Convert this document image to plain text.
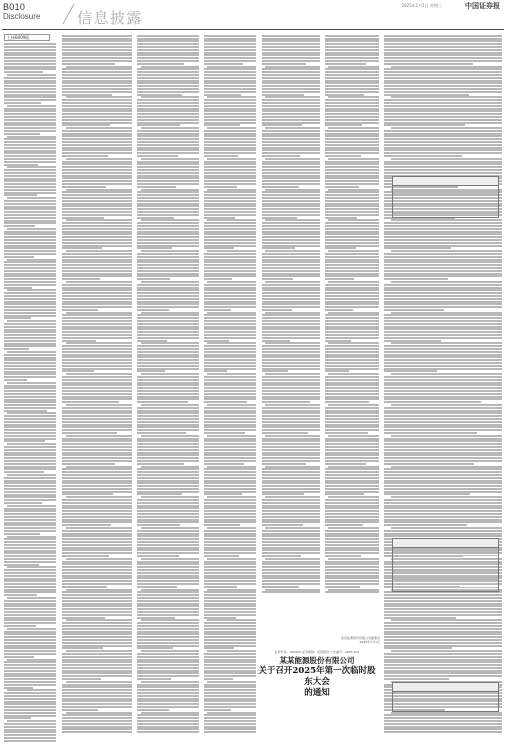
B010
Disclosure 信息披露
2025年1月1日 星期三	中国证券报
上接B009版
某某能源股份有限公司董事会 2025年1月1日
证券代码：000000 证券简称：某某股份 公告编号：2025-001
某某能源股份有限公司
关于召开2025年第一次临时股东大会
的通知
